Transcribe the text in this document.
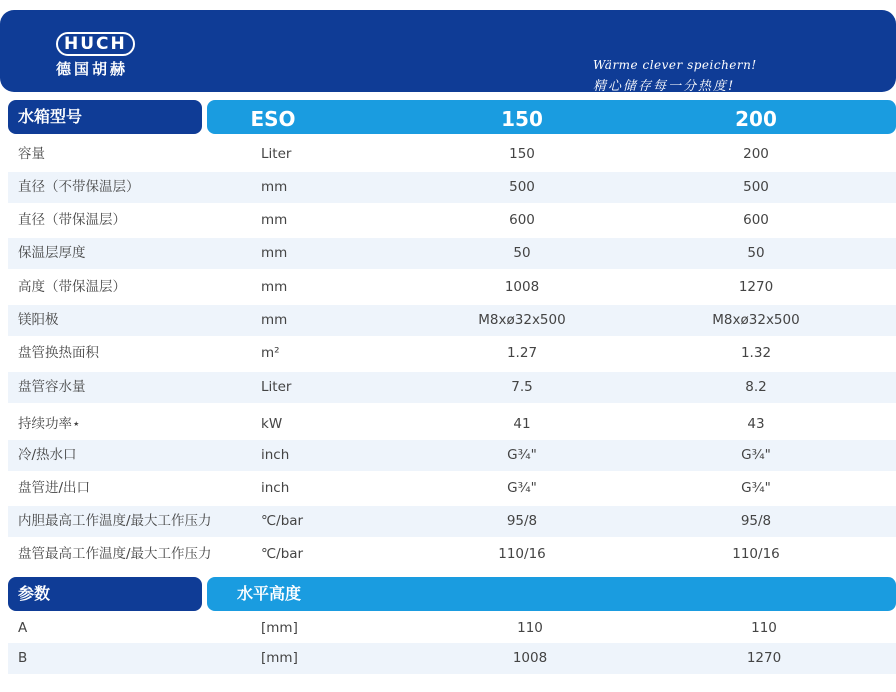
HUCH
德国胡赫	Wärme clever speichern!
精心储存每一分热度!
水箱型号	ESO	150	200
容量	Liter	150	200
直径（不带保温层）	mm	500	500
直径（带保温层）	mm	600	600
保温层厚度	mm	50	50
高度（带保温层）	mm	1008	1270
镁阳极	mm	M8xø32x500	M8xø32x500
盘管换热面积	m²	1.27	1.32
盘管容水量	Liter	7.5	8.2
持续功率⋆	kW	41	43
冷/热水口	inch	G¾"	G¾"
盘管进/出口	inch	G¾"	G¾"
内胆最高工作温度/最大工作压力	℃/bar	95/8	95/8
盘管最高工作温度/最大工作压力	℃/bar	110/16	110/16
参数	水平高度
A	[mm]	110	110
B	[mm]	1008	1270
